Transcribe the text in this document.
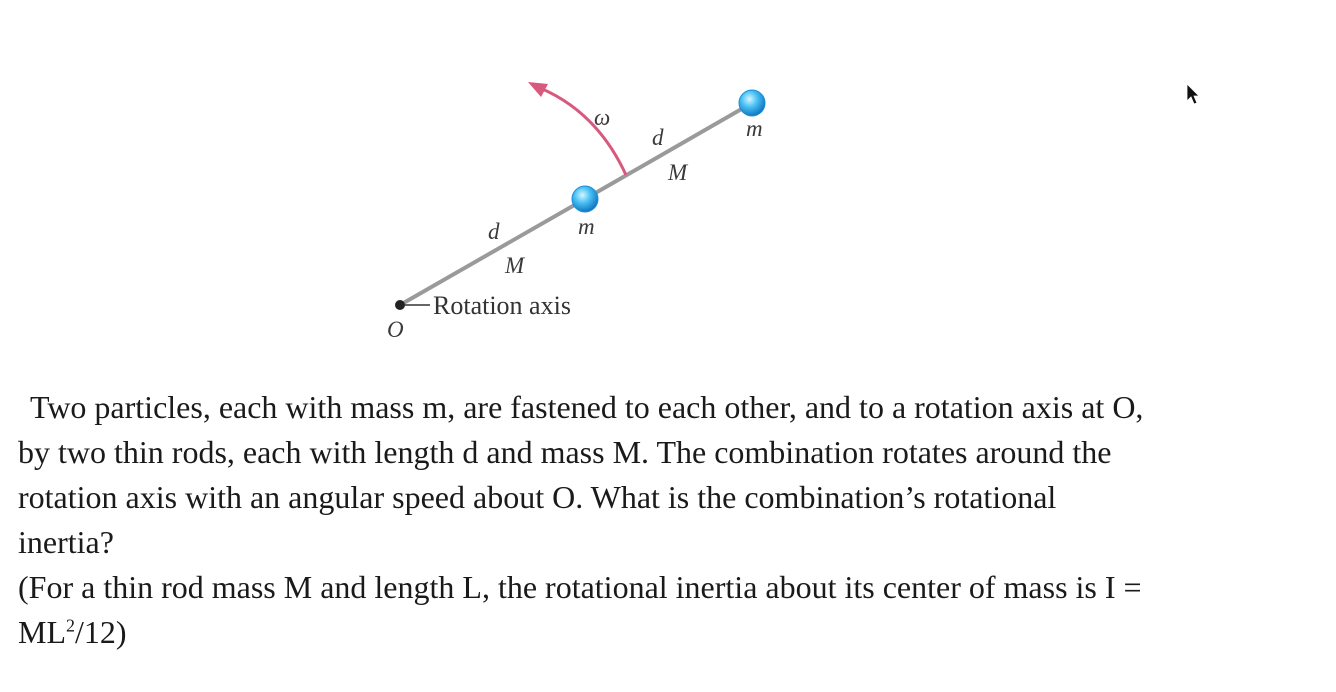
ω
d	m
M
d	m
M
Rotation axis
O

Two particles, each with mass m, are fastened to each other, and to a rotation axis at O,

by two thin rods, each with length d and mass M. The combination rotates around the

rotation axis with an angular speed about O. What is the combination’s rotational

inertia?

(For a thin rod mass M and length L, the rotational inertia about its center of mass is I =

$ML^2/12$)
